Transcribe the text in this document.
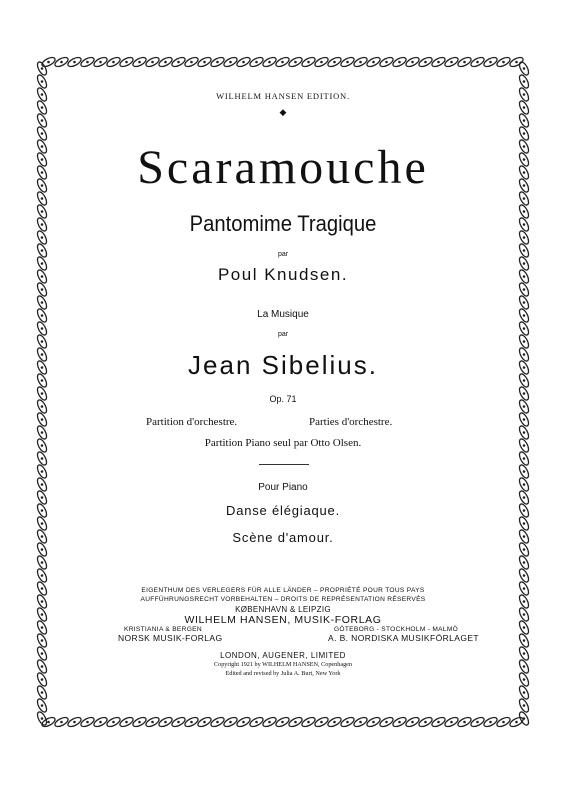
WILHELM HANSEN EDITION.
◆
Scaramouche
Pantomime Tragique
par
Poul Knudsen.
La Musique
par
Jean Sibelius.
Op. 71
Partition d'orchestre.	Parties d'orchestre.
Partition Piano seul par Otto Olsen.
Pour Piano
Danse élégiaque.
Scène d'amour.
EIGENTHUM DES VERLEGERS FÜR ALLE LÄNDER – PROPRIÉTÉ POUR TOUS PAYS
AUFFÜHRUNGSRECHT VORBEHALTEN – DROITS DE REPRÉSENTATION RÉSERVÉS
KØBENHAVN & LEIPZIG
WILHELM HANSEN, MUSIK-FORLAG
KRISTIANIA & BERGEN
NORSK MUSIK-FORLAG
GÖTEBORG - STOCKHOLM - MALMÖ
A. B. NORDISKA MUSIKFÖRLAGET
LONDON, AUGENER, LIMITED
Copyright 1921 by WILHELM HANSEN, Copenhagen
Edited and revised by Julia A. Burt, New York
